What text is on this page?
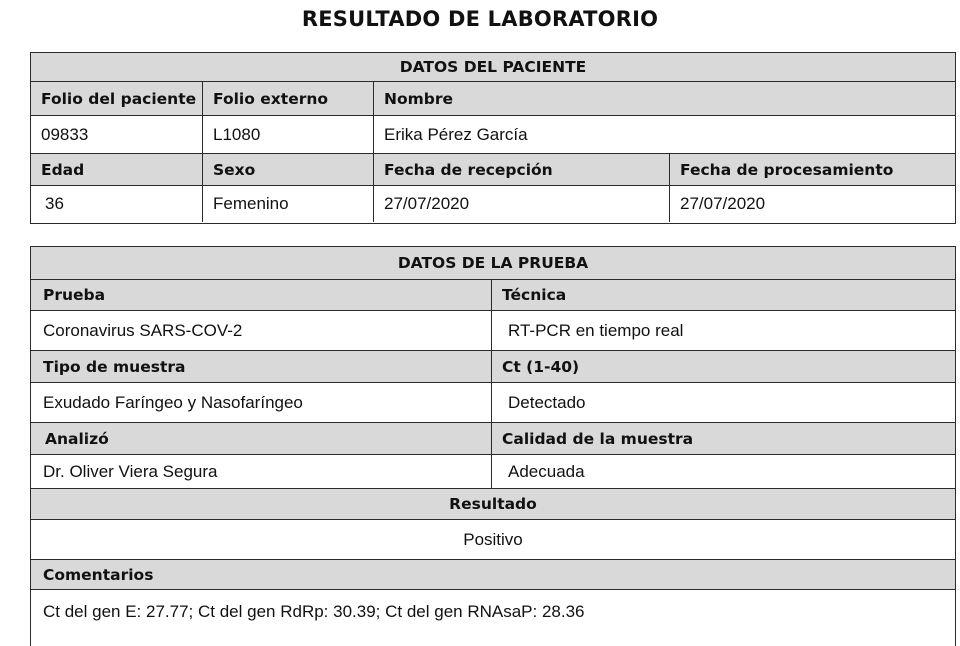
RESULTADO DE LABORATORIO
DATOS DEL PACIENTE
Folio del paciente	Folio externo	Nombre
09833	L1080	Erika Pérez García
Edad	Sexo	Fecha de recepción	Fecha de procesamiento
36	Femenino	27/07/2020	27/07/2020
DATOS DE LA PRUEBA
Prueba	Técnica
Coronavirus SARS-COV-2	RT-PCR en tiempo real
Tipo de muestra	Ct (1-40)
Exudado Faríngeo y Nasofaríngeo	Detectado
Analizó	Calidad de la muestra
Dr. Oliver Viera Segura	Adecuada
Resultado
Positivo
Comentarios
Ct del gen E: 27.77; Ct del gen RdRp: 30.39; Ct del gen RNAsaP: 28.36
